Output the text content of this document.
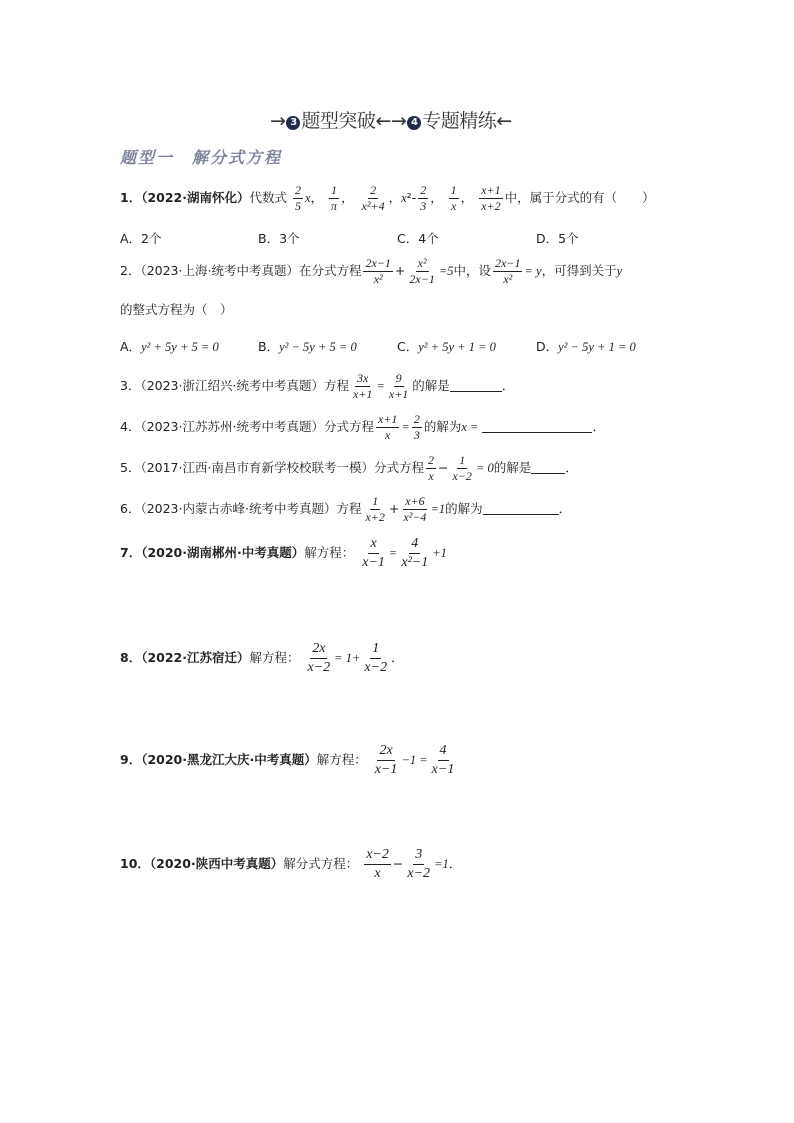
→ 3 题型突破←→ 4 专题精练←
题型一　解分式方程
1．（2022·湖南怀化）代数式 $\frac{2}{5}$ x， $\frac{1}{\pi}$ ， $\frac{2}{\text{x²+4}}$ ，$x^2- \frac{2}{3}$ ， $\frac{1}{x}$ ， $\frac{x+1}{x+2}$ 中，属于分式的有（　　）
A．2个	B．3个	C．4个	D．5个
2．（2023·上海·统考中考真题）在分式方程 $\frac{2x-1}{\text{x²}} + \frac{\text{x²}}{2x-1} =5$中，设 $\frac{2x-1}{\text{x²}} = y$，可得到关于y
的整式方程为（　）
A．y² + 5y + 5 = 0	B．y² − 5y + 5 = 0	C．y² + 5y + 1 = 0	D．y² − 5y + 1 = 0
3．（2023·浙江绍兴·统考中考真题）方程 $\frac{3x}{x+1} = \frac{9}{x+1}$ 的解是	．
4．（2023·江苏苏州·统考中考真题）分式方程 $\frac{x+1}{x} = \frac{2}{3}$ 的解为x =	．
5．（2017·江西·南昌市育新学校校联考一模）分式方程 $\frac{2}{x} - \frac{1}{x-2} = 0$的解是	．
6．（2023·内蒙古赤峰·统考中考真题）方程 $\frac{1}{x+2} + \frac{x+6}{\text{x²−4}} =1$的解为	．
7．（2020·湖南郴州·中考真题）解方程： $\frac{x}{x-1} = \frac{4}{\text{x²−1}} +1$
8．（2022·江苏宿迁）解方程： $\frac{2x}{x-2} = 1+ \frac{1}{x-2}$ ．
9．（2020·黑龙江大庆·中考真题）解方程： $\frac{2x}{x-1} -1 = \frac{4}{x-1}$
10．（2020·陕西中考真题）解分式方程： $\frac{x-2}{x} - \frac{3}{x-2} =1$．
